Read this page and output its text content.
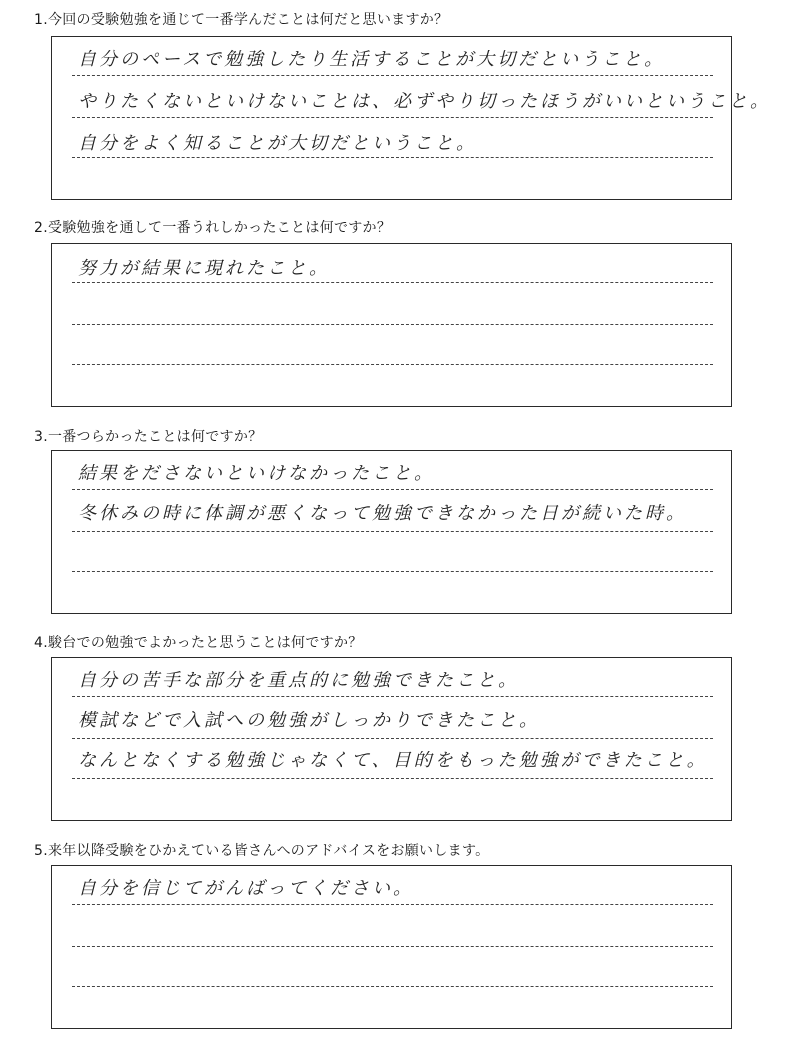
1.今回の受験勉強を通じて一番学んだことは何だと思いますか？
自分のペースで勉強したり生活することが大切だということ。
やりたくないといけないことは、必ずやり切ったほうがいいということ。
自分をよく知ることが大切だということ。
2.受験勉強を通して一番うれしかったことは何ですか？
努力が結果に現れたこと。
3.一番つらかったことは何ですか？
結果をださないといけなかったこと。
冬休みの時に体調が悪くなって勉強できなかった日が続いた時。
4.駿台での勉強でよかったと思うことは何ですか？
自分の苦手な部分を重点的に勉強できたこと。
模試などで入試への勉強がしっかりできたこと。
なんとなくする勉強じゃなくて、目的をもった勉強ができたこと。
5.来年以降受験をひかえている皆さんへのアドバイスをお願いします。
自分を信じてがんばってください。
